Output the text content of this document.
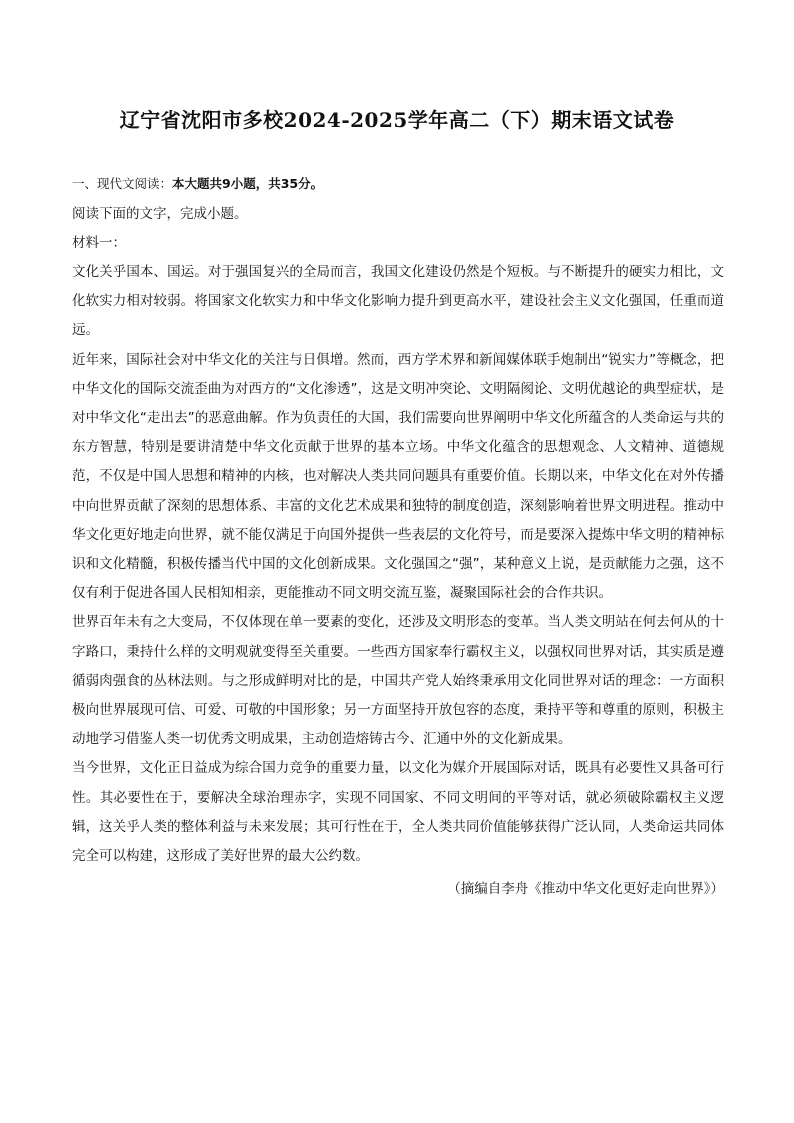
辽宁省沈阳市多校2024-2025学年高二（下）期末语文试卷
一、现代文阅读：本大题共9小题，共35分。

阅读下面的文字，完成小题。

材料一：

文化关乎国本、国运。对于强国复兴的全局而言，我国文化建设仍然是个短板。与不断提升的硬实力相比，文化软实力相对较弱。将国家文化软实力和中华文化影响力提升到更高水平，建设社会主义文化强国，任重而道远。

近年来，国际社会对中华文化的关注与日俱增。然而，西方学术界和新闻媒体联手炮制出“锐实力”等概念，把中华文化的国际交流歪曲为对西方的“文化渗透”，这是文明冲突论、文明隔阂论、文明优越论的典型症状，是对中华文化“走出去”的恶意曲解。作为负责任的大国，我们需要向世界阐明中华文化所蕴含的人类命运与共的东方智慧，特别是要讲清楚中华文化贡献于世界的基本立场。中华文化蕴含的思想观念、人文精神、道德规范，不仅是中国人思想和精神的内核，也对解决人类共同问题具有重要价值。长期以来，中华文化在对外传播中向世界贡献了深刻的思想体系、丰富的文化艺术成果和独特的制度创造，深刻影响着世界文明进程。推动中华文化更好地走向世界，就不能仅满足于向国外提供一些表层的文化符号，而是要深入提炼中华文明的精神标识和文化精髓，积极传播当代中国的文化创新成果。文化强国之“强”，某种意义上说，是贡献能力之强，这不仅有利于促进各国人民相知相亲，更能推动不同文明交流互鉴，凝聚国际社会的合作共识。

世界百年未有之大变局，不仅体现在单一要素的变化，还涉及文明形态的变革。当人类文明站在何去何从的十字路口，秉持什么样的文明观就变得至关重要。一些西方国家奉行霸权主义，以强权同世界对话，其实质是遵循弱肉强食的丛林法则。与之形成鲜明对比的是，中国共产党人始终秉承用文化同世界对话的理念：一方面积极向世界展现可信、可爱、可敬的中国形象；另一方面坚持开放包容的态度，秉持平等和尊重的原则，积极主动地学习借鉴人类一切优秀文明成果，主动创造熔铸古今、汇通中外的文化新成果。

当今世界，文化正日益成为综合国力竞争的重要力量，以文化为媒介开展国际对话，既具有必要性又具备可行性。其必要性在于，要解决全球治理赤字，实现不同国家、不同文明间的平等对话，就必须破除霸权主义逻辑，这关乎人类的整体利益与未来发展；其可行性在于，全人类共同价值能够获得广泛认同，人类命运共同体完全可以构建，这形成了美好世界的最大公约数。

（摘编自李舟《推动中华文化更好走向世界》）
